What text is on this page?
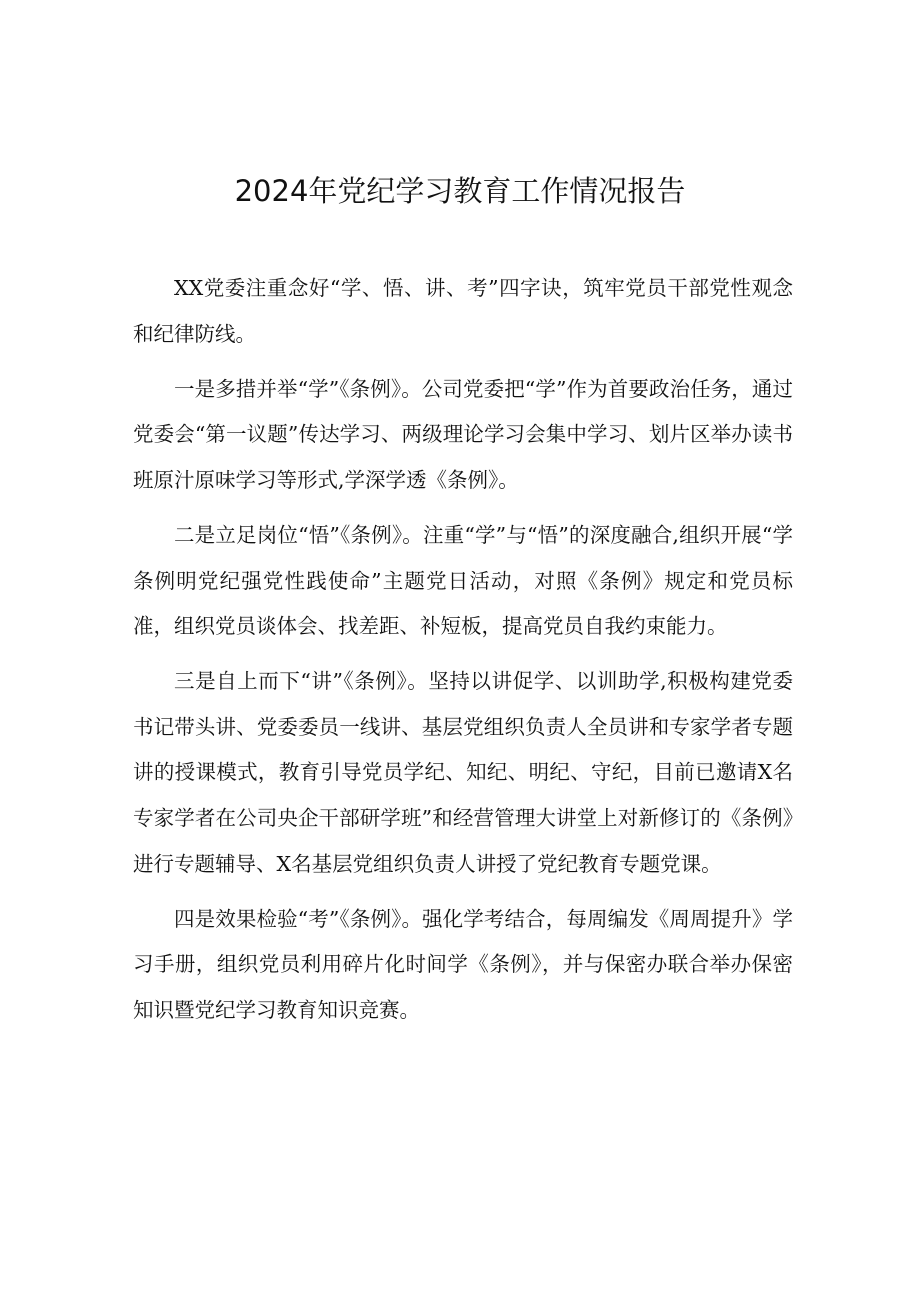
2024年党纪学习教育工作情况报告

XX党委注重念好“学、悟、讲、考”四字诀，筑牢党员干部党性观念和纪律防线。

一是多措并举“学”《条例》。公司党委把“学”作为首要政治任务，通过党委会“第一议题”传达学习、两级理论学习会集中学习、划片区举办读书班原汁原味学习等形式,学深学透《条例》。

二是立足岗位“悟”《条例》。注重“学”与“悟”的深度融合,组织开展“学条例明党纪强党性践使命”主题党日活动，对照《条例》规定和党员标准，组织党员谈体会、找差距、补短板，提高党员自我约束能力。

三是自上而下“讲”《条例》。坚持以讲促学、以训助学,积极构建党委书记带头讲、党委委员一线讲、基层党组织负责人全员讲和专家学者专题讲的授课模式，教育引导党员学纪、知纪、明纪、守纪，目前已邀请X名专家学者在公司央企干部研学班”和经营管理大讲堂上对新修订的《条例》进行专题辅导、X名基层党组织负责人讲授了党纪教育专题党课。

四是效果检验“考”《条例》。强化学考结合，每周编发《周周提升》学习手册，组织党员利用碎片化时间学《条例》，并与保密办联合举办保密知识暨党纪学习教育知识竞赛。
